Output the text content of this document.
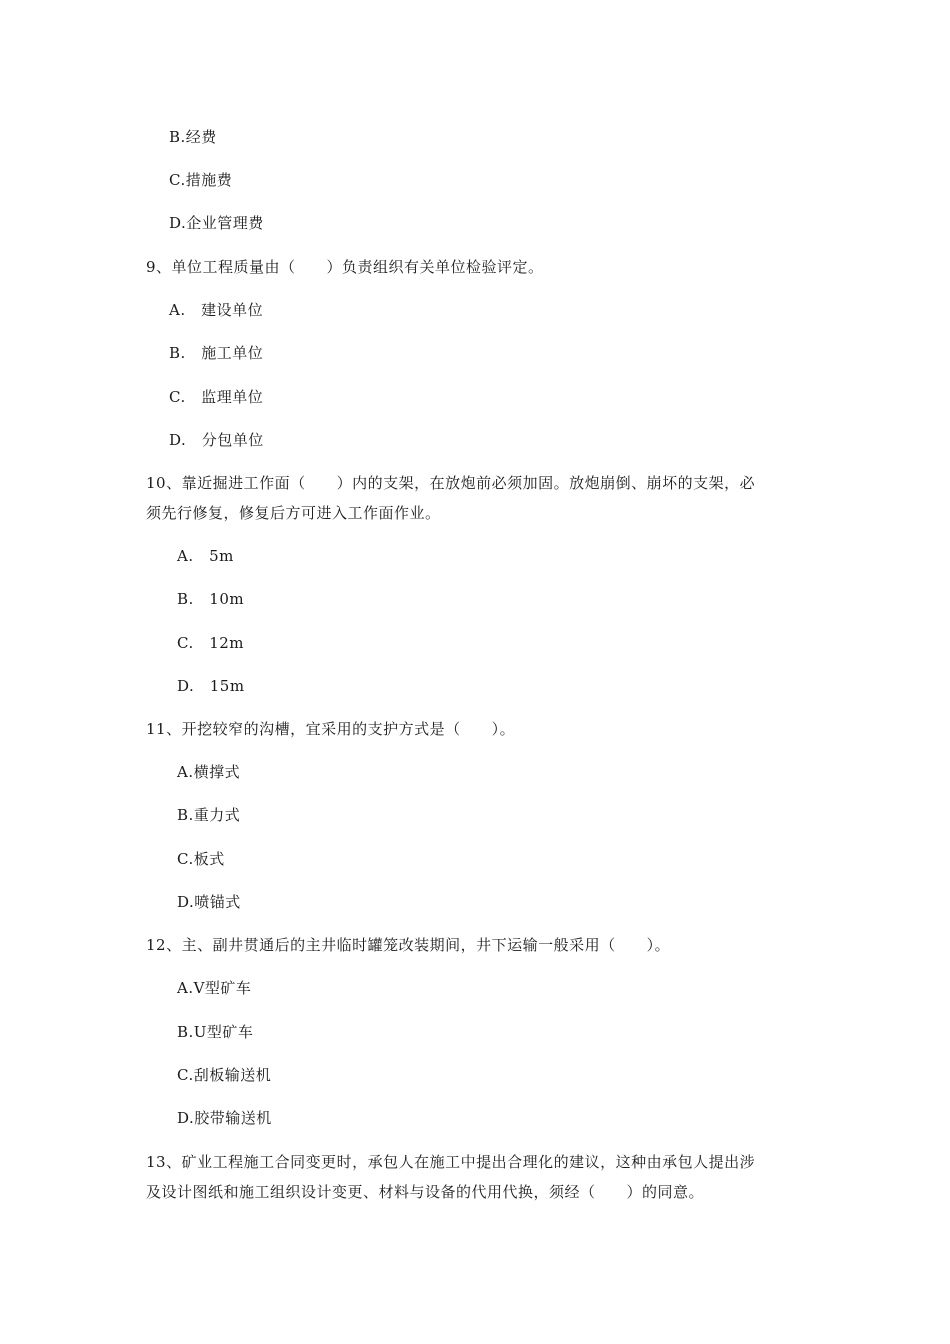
B.经费
C.措施费
D.企业管理费
9、单位工程质量由（　　）负责组织有关单位检验评定。
A.　建设单位
B.　施工单位
C.　监理单位
D.　分包单位
10、靠近掘进工作面（　　）内的支架，在放炮前必须加固。放炮崩倒、崩坏的支架，必
须先行修复，修复后方可进入工作面作业。
A.　5m
B.　10m
C.　12m
D.　15m
11、开挖较窄的沟槽，宜采用的支护方式是（　　）。
A.横撑式
B.重力式
C.板式
D.喷锚式
12、主、副井贯通后的主井临时罐笼改装期间，井下运输一般采用（　　）。
A.V型矿车
B.U型矿车
C.刮板输送机
D.胶带输送机
13、矿业工程施工合同变更时，承包人在施工中提出合理化的建议，这种由承包人提出涉
及设计图纸和施工组织设计变更、材料与设备的代用代换，须经（　　）的同意。
